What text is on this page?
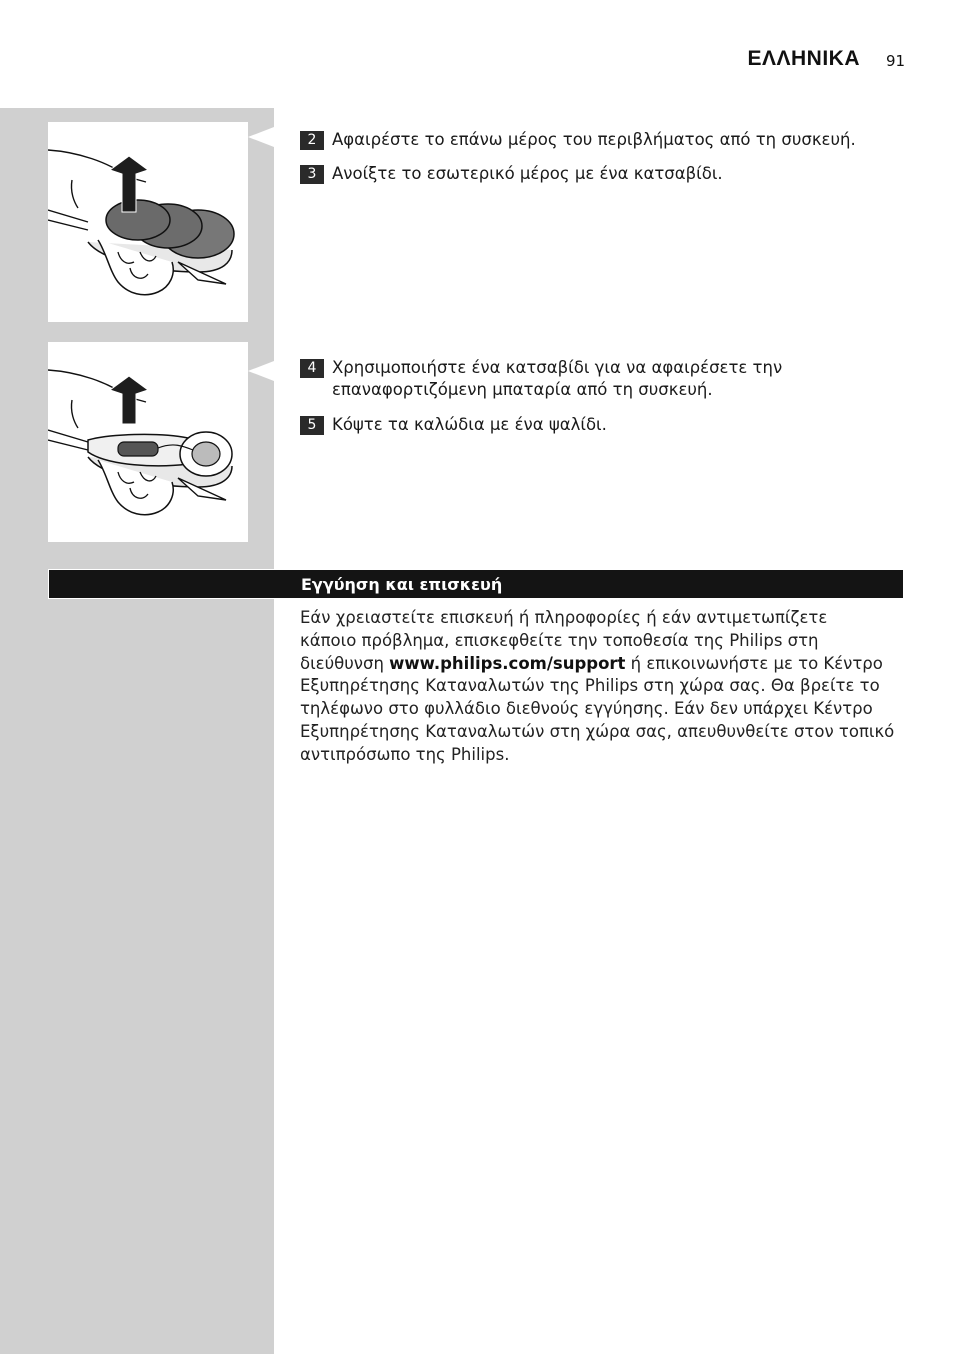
ΕΛΛΗΝΙΚΑ 91
2 Αφαιρέστε το επάνω μέρος του περιβλήματος από τη συσκευή.
3 Ανοίξτε το εσωτερικό μέρος με ένα κατσαβίδι.
4 Χρησιμοποιήστε ένα κατσαβίδι για να αφαιρέσετε την
επαναφορτιζόμενη μπαταρία από τη συσκευή.
5 Κόψτε τα καλώδια με ένα ψαλίδι.
Εγγύηση και επισκευή
Εάν χρειαστείτε επισκευή ή πληροφορίες ή εάν αντιμετωπίζετε
κάποιο πρόβλημα, επισκεφθείτε την τοποθεσία της Philips στη
διεύθυνση www.philips.com/support ή επικοινωνήστε με το Κέντρο
Εξυπηρέτησης Καταναλωτών της Philips στη χώρα σας. Θα βρείτε το
τηλέφωνο στο φυλλάδιο διεθνούς εγγύησης. Εάν δεν υπάρχει Κέντρο
Εξυπηρέτησης Καταναλωτών στη χώρα σας, απευθυνθείτε στον τοπικό
αντιπρόσωπο της Philips.
